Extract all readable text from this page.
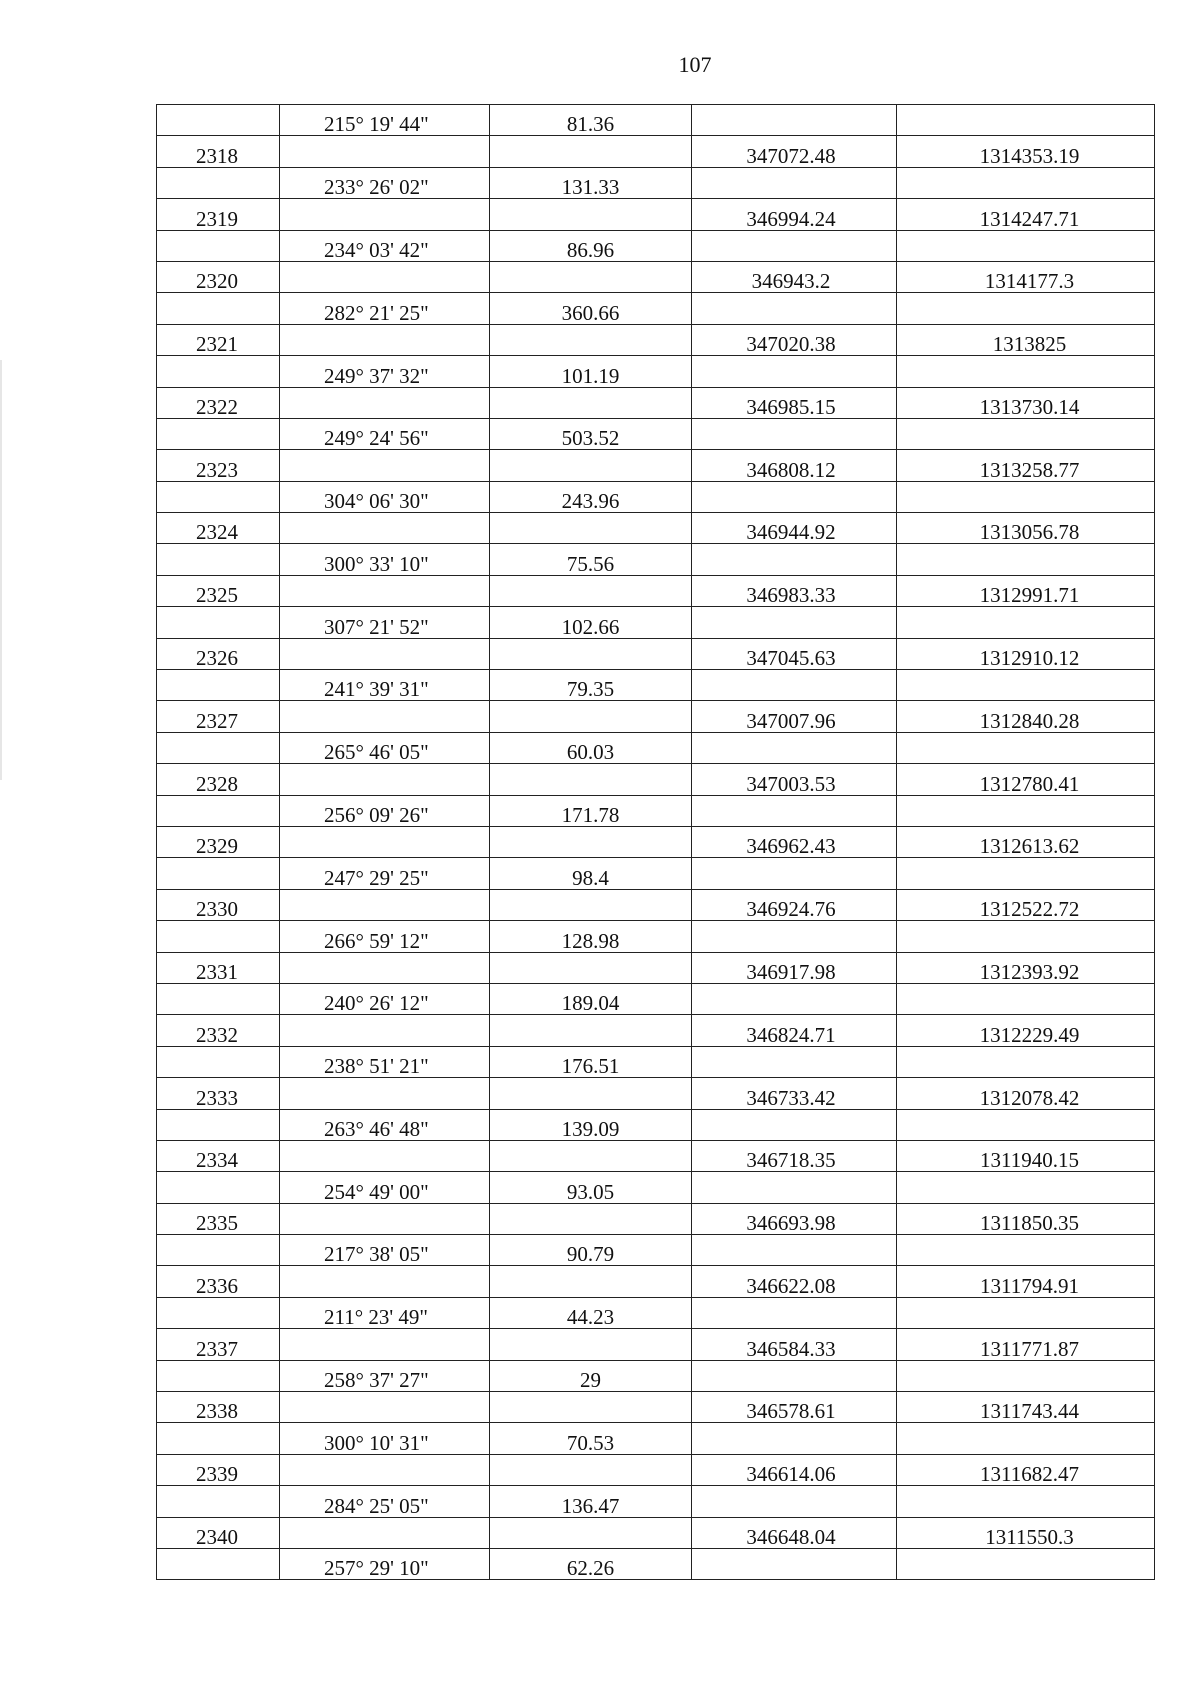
107
	215° 19' 44"	81.36		
2318			347072.48	1314353.19
	233° 26' 02"	131.33		
2319			346994.24	1314247.71
	234° 03' 42"	86.96		
2320			346943.2	1314177.3
	282° 21' 25"	360.66		
2321			347020.38	1313825
	249° 37' 32"	101.19		
2322			346985.15	1313730.14
	249° 24' 56"	503.52		
2323			346808.12	1313258.77
	304° 06' 30"	243.96		
2324			346944.92	1313056.78
	300° 33' 10"	75.56		
2325			346983.33	1312991.71
	307° 21' 52"	102.66		
2326			347045.63	1312910.12
	241° 39' 31"	79.35		
2327			347007.96	1312840.28
	265° 46' 05"	60.03		
2328			347003.53	1312780.41
	256° 09' 26"	171.78		
2329			346962.43	1312613.62
	247° 29' 25"	98.4		
2330			346924.76	1312522.72
	266° 59' 12"	128.98		
2331			346917.98	1312393.92
	240° 26' 12"	189.04		
2332			346824.71	1312229.49
	238° 51' 21"	176.51		
2333			346733.42	1312078.42
	263° 46' 48"	139.09		
2334			346718.35	1311940.15
	254° 49' 00"	93.05		
2335			346693.98	1311850.35
	217° 38' 05"	90.79		
2336			346622.08	1311794.91
	211° 23' 49"	44.23		
2337			346584.33	1311771.87
	258° 37' 27"	29		
2338			346578.61	1311743.44
	300° 10' 31"	70.53		
2339			346614.06	1311682.47
	284° 25' 05"	136.47		
2340			346648.04	1311550.3
	257° 29' 10"	62.26		
